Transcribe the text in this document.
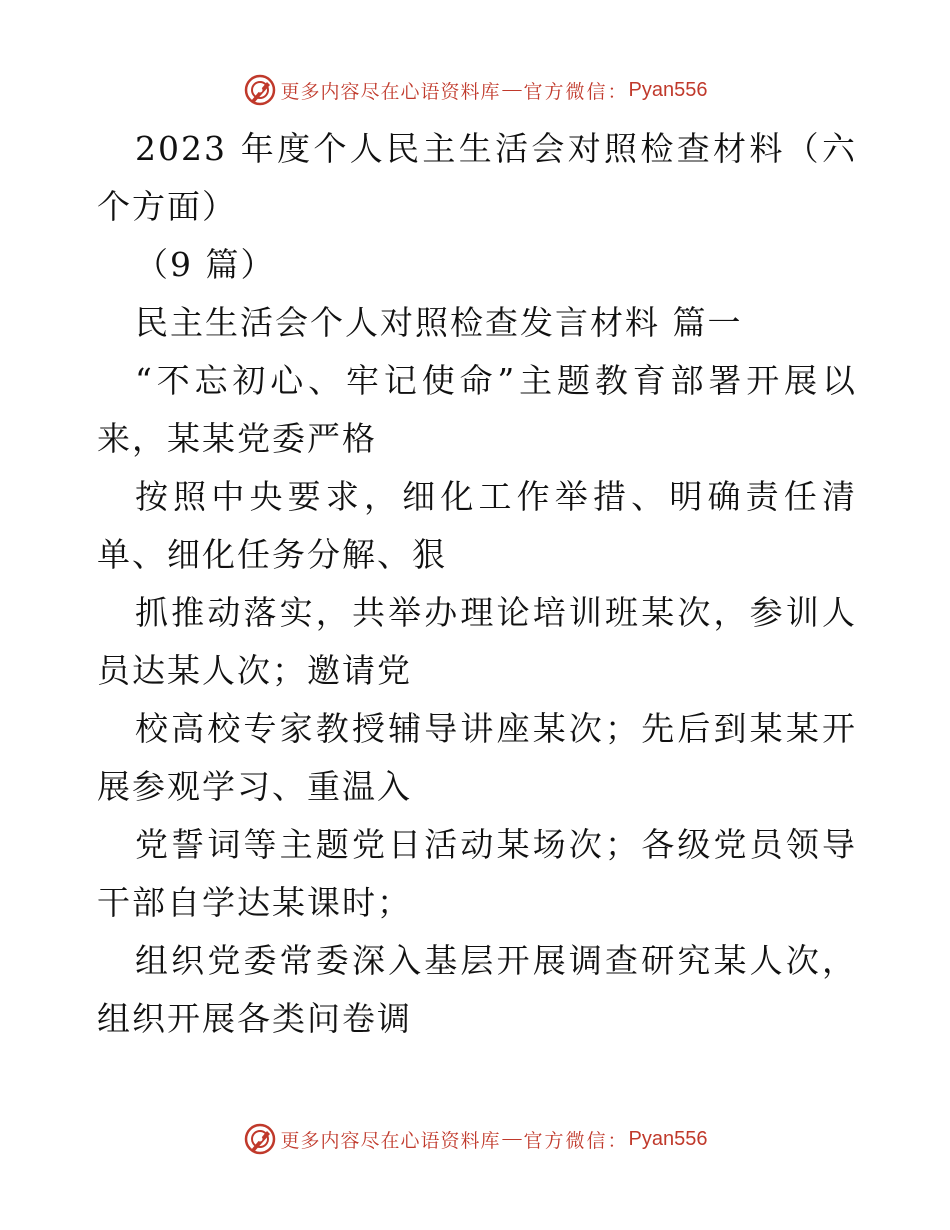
更多内容尽在心语资料库 — 官方微信： Pyan556

2023 年度个人民主生活会对照检查材料（六个方面）

（9 篇）

民主生活会个人对照检查发言材料 篇一

“不忘初心、牢记使命”主题教育部署开展以来，某某党委严格

按照中央要求，细化工作举措、明确责任清单、细化任务分解、狠

抓推动落实，共举办理论培训班某次，参训人员达某人次；邀请党

校高校专家教授辅导讲座某次；先后到某某开展参观学习、重温入

党誓词等主题党日活动某场次；各级党员领导干部自学达某课时；

组织党委常委深入基层开展调查研究某人次，组织开展各类问卷调

更多内容尽在心语资料库 — 官方微信： Pyan556
